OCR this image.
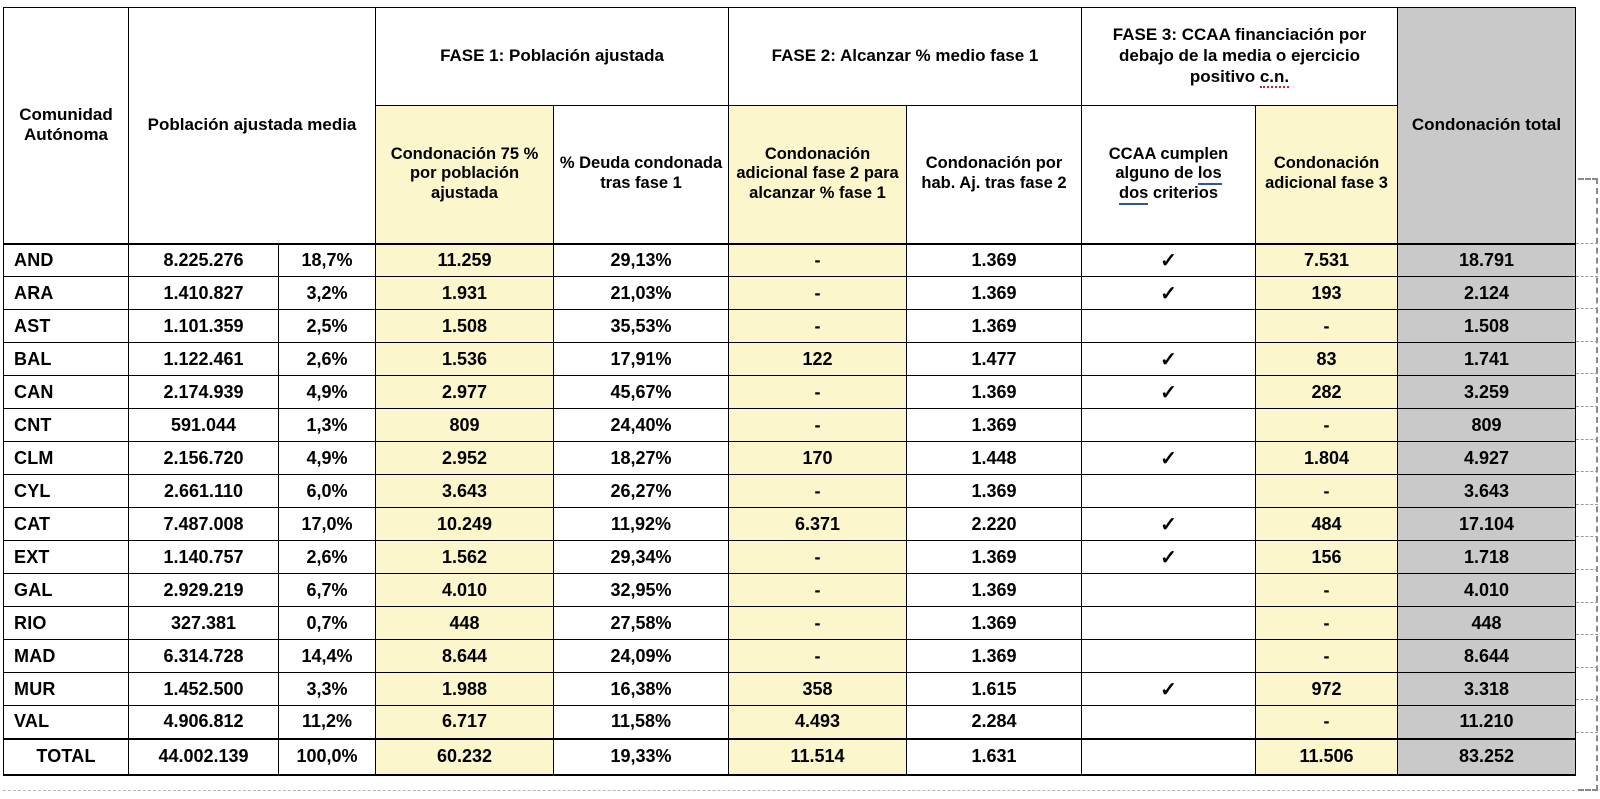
Comunidad Autónoma	Población ajustada media		FASE 1: Población ajustada		FASE 2: Alcanzar % medio fase 1		FASE 3: CCAA financiación por
debajo de la media o ejercicio
positivo c.n.		Condonación total
			Condonación 75 % por población ajustada	% Deuda condonada tras fase 1	Condonación adicional fase 2 para alcanzar % fase 1	Condonación por hab. Aj. tras fase 2	CCAA cumplen alguno de los
dos criterios	Condonación adicional fase 3	
AND	8.225.276	18,7%	11.259	29,13%	-	1.369	✓	7.531	18.791
ARA	1.410.827	3,2%	1.931	21,03%	-	1.369	✓	193	2.124
AST	1.101.359	2,5%	1.508	35,53%	-	1.369		-	1.508
BAL	1.122.461	2,6%	1.536	17,91%	122	1.477	✓	83	1.741
CAN	2.174.939	4,9%	2.977	45,67%	-	1.369	✓	282	3.259
CNT	591.044	1,3%	809	24,40%	-	1.369		-	809
CLM	2.156.720	4,9%	2.952	18,27%	170	1.448	✓	1.804	4.927
CYL	2.661.110	6,0%	3.643	26,27%	-	1.369		-	3.643
CAT	7.487.008	17,0%	10.249	11,92%	6.371	2.220	✓	484	17.104
EXT	1.140.757	2,6%	1.562	29,34%	-	1.369	✓	156	1.718
GAL	2.929.219	6,7%	4.010	32,95%	-	1.369		-	4.010
RIO	327.381	0,7%	448	27,58%	-	1.369		-	448
MAD	6.314.728	14,4%	8.644	24,09%	-	1.369		-	8.644
MUR	1.452.500	3,3%	1.988	16,38%	358	1.615	✓	972	3.318
VAL	4.906.812	11,2%	6.717	11,58%	4.493	2.284		-	11.210
TOTAL	44.002.139	100,0%	60.232	19,33%	11.514	1.631		11.506	83.252
